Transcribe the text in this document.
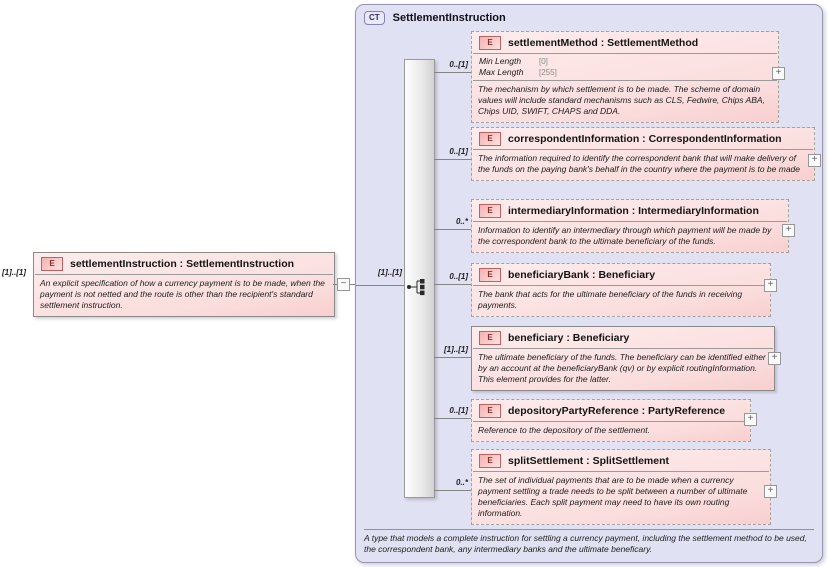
[1]..[1]
E	settlementInstruction : SettlementInstruction
An explicit specification of how a currency payment is to be made, when the payment is not netted and the route is other than the recipient's standard settlement instruction.
−
CT	SettlementInstruction
[1]..[1]
0..[1]
0..[1]
0..*
0..[1]
[1]..[1]
0..[1]
0..*
E	settlementMethod : SettlementMethod
Min Length	[0]
Max Length	[255]
The mechanism by which settlement is to be made. The scheme of domain values will include standard mechanisms such as CLS, Fedwire, Chips ABA, Chips UID, SWIFT, CHAPS and DDA.
+
E	correspondentInformation : CorrespondentInformation
The information required to identify the correspondent bank that will make delivery of the funds on the paying bank's behalf in the country where the payment is to be made
+
E	intermediaryInformation : IntermediaryInformation
Information to identify an intermediary through which payment will be made by the correspondent bank to the ultimate beneficiary of the funds.
+
E	beneficiaryBank : Beneficiary
The bank that acts for the ultimate beneficiary of the funds in receiving payments.
+
E	beneficiary : Beneficiary
The ultimate beneficiary of the funds. The beneficiary can be identified either by an account at the beneficiaryBank (qv) or by explicit routingInformation. This element provides for the latter.
+
E	depositoryPartyReference : PartyReference
Reference to the depository of the settlement.
+
E	splitSettlement : SplitSettlement
The set of individual payments that are to be made when a currency payment settling a trade needs to be split between a number of ultimate beneficiaries. Each split payment may need to have its own routing information.
+
A type that models a complete instruction for settling a currency payment, including the settlement method to be used, the correspondent bank, any intermediary banks and the ultimate beneficary.
